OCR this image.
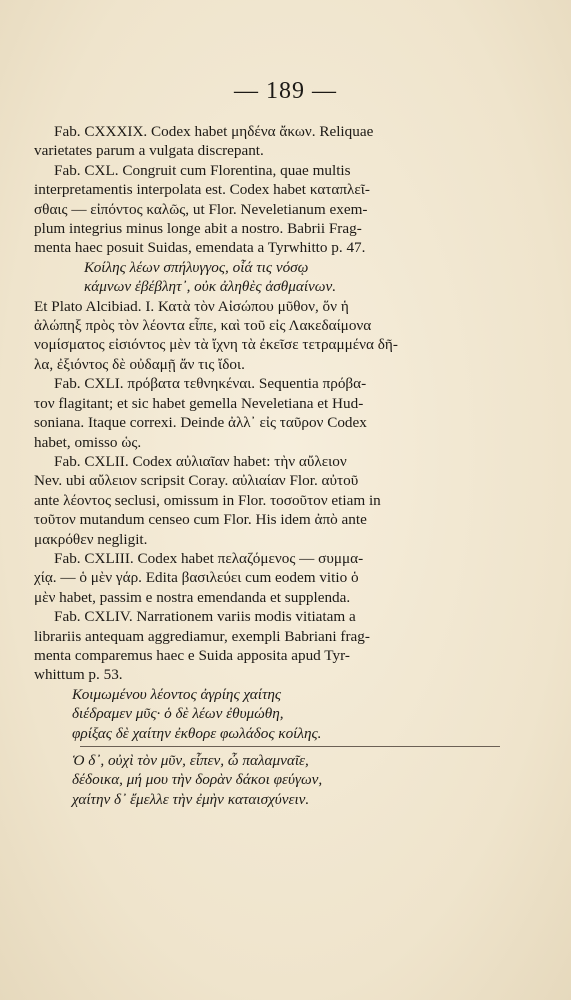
— 189 —
Fab. CXXXIX. Codex habet μηδένα ἄκων. Reliquae
varietates parum a vulgata discrepant.
Fab. CXL. Congruit cum Florentina, quae multis
interpretamentis interpolata est. Codex habet καταπλεῖ-
σθαις — εἰπόντος καλῶς, ut Flor. Neveletianum exem-
plum integrius minus longe abit a nostro. Babrii Frag-
menta haec posuit Suidas, emendata a Tyrwhitto p. 47.
Κοίλης λέων σπήλυγγος, οἷά τις νόσῳ
κάμνων ἐβέβλητ᾽, οὐκ ἀληθὲς ἀσθμαίνων.
Et Plato Alcibiad. I. Κατὰ τὸν Αἰσώπου μῦθον, ὅν ἡ
ἀλώπηξ πρὸς τὸν λέοντα εἶπε, καὶ τοῦ εἰς Λακεδαίμονα
νομίσματος εἰσιόντος μὲν τὰ ἴχνη τὰ ἐκεῖσε τετραμμένα δῆ-
λα, ἐξιόντος δὲ οὐδαμῇ ἄν τις ἴδοι.
Fab. CXLI. πρόβατα τεθνηκέναι. Sequentia πρόβα-
τον flagitant; et sic habet gemella Neveletiana et Hud-
soniana. Itaque correxi. Deinde ἀλλ᾽ εἰς ταῦρον Codex
habet, omisso ὡς.
Fab. CXLII. Codex αὐλιαῖαν habet: τὴν αὔλειον
Nev. ubi αὔλειον scripsit Coray. αὐλιαίαν Flor. αὐτοῦ
ante λέοντος seclusi, omissum in Flor. τοσοῦτον etiam in
τοῦτον mutandum censeo cum Flor. His idem ἀπὸ ante
μακρόθεν negligit.
Fab. CXLIII. Codex habet πελαζόμενος — συμμα-
χίᾳ. — ὁ μὲν γάρ. Edita βασιλεύει cum eodem vitio ὁ
μὲν habet, passim e nostra emendanda et supplenda.
Fab. CXLIV. Narrationem variis modis vitiatam a
librariis antequam aggrediamur, exempli Babriani frag-
menta comparemus haec e Suida apposita apud Tyr-
whittum p. 53.
Κοιμωμένου λέοντος ἀγρίης χαίτης
διέδραμεν μῦς· ὁ δὲ λέων ἐθυμώθη,
φρίξας δὲ χαίτην ἐκθορε φωλάδος κοίλης.
Ὁ δ᾽, οὐχὶ τὸν μῦν, εἶπεν, ὦ παλαμναῖε,
δέδοικα, μή μου τὴν δορὰν δάκοι φεύγων,
χαίτην δ᾽ ἔμελλε τὴν ἐμὴν καταισχύνειν.
